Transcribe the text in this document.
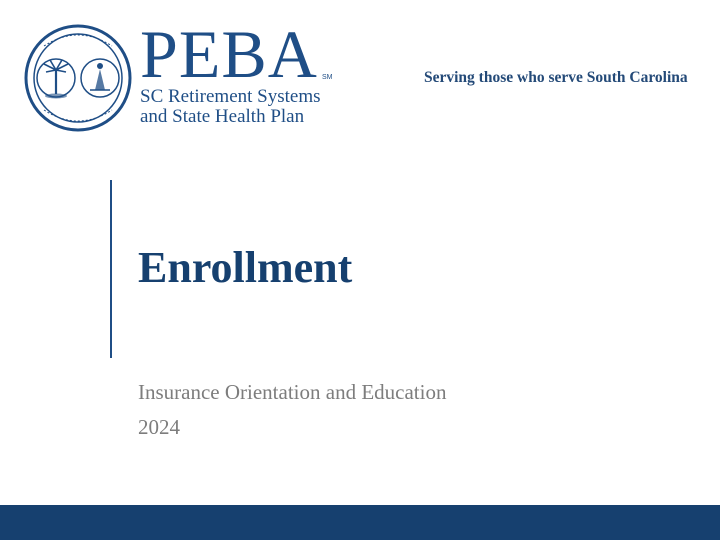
PEBA SM
SC Retirement Systems
and State Health Plan
Serving those who serve South Carolina
Enrollment
Insurance Orientation and Education
2024
